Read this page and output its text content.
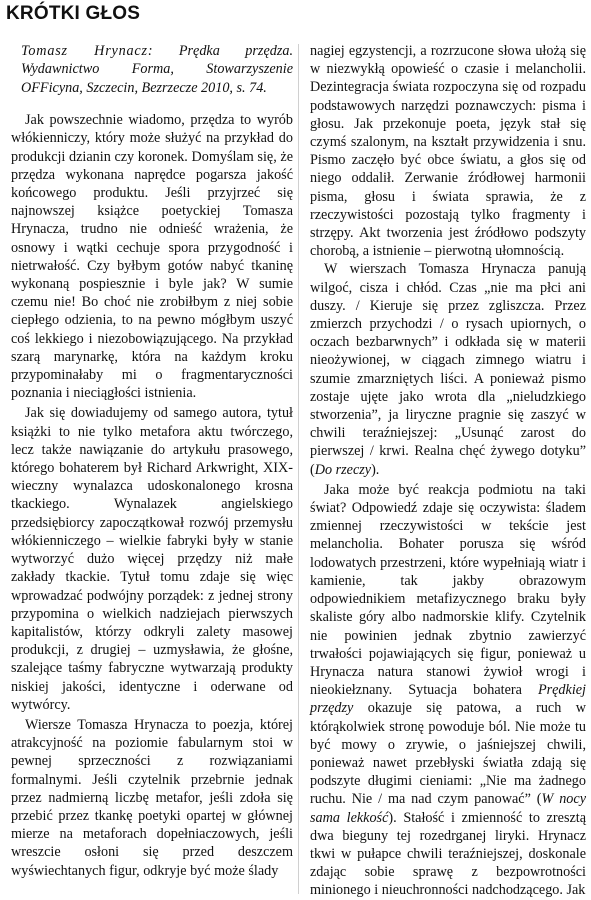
KRÓTKI GŁOS

Tomasz Hrynacz: Prędka przędza. Wydawnictwo Forma, Stowarzyszenie OFFicyna, Szczecin, Bezrzecze 2010, s. 74.

Jak powszechnie wiadomo, przędza to wyrób włókienniczy, który może służyć na przykład do produkcji dzianin czy koronek. Domyślam się, że przędza wykonana naprędce pogarsza jakość końcowego produktu. Jeśli przyjrzeć się najnowszej książce poetyckiej Tomasza Hrynacza, trudno nie odnieść wrażenia, że osnowy i wątki cechuje spora przygodność i nietrwałość. Czy byłbym gotów nabyć tkaninę wykonaną pospiesznie i byle jak? W sumie czemu nie! Bo choć nie zrobiłbym z niej sobie ciepłego odzienia, to na pewno mógłbym uszyć coś lekkiego i niezobowiązującego. Na przykład szarą marynarkę, która na każdym kroku przypominałaby mi o fragmentaryczności poznania i nieciągłości istnienia.

Jak się dowiadujemy od samego autora, tytuł książki to nie tylko metafora aktu twórczego, lecz także nawiązanie do artykułu prasowego, którego bohaterem był Richard Arkwright, XIX-wieczny wynalazca udoskonalonego krosna tkackiego. Wynalazek angielskiego przedsiębiorcy zapoczątkował rozwój przemysłu włókienniczego – wielkie fabryki były w stanie wytworzyć dużo więcej przędzy niż małe zakłady tkackie. Tytuł tomu zdaje się więc wprowadzać podwójny porządek: z jednej strony przypomina o wielkich nadziejach pierwszych kapitalistów, którzy odkryli zalety masowej produkcji, z drugiej – uzmysławia, że głośne, szalejące taśmy fabryczne wytwarzają produkty niskiej jakości, identyczne i oderwane od wytwórcy.

Wiersze Tomasza Hrynacza to poezja, której atrakcyjność na poziomie fabularnym stoi w pewnej sprzeczności z rozwiązaniami formalnymi. Jeśli czytelnik przebrnie jednak przez nadmierną liczbę metafor, jeśli zdoła się przebić przez tkankę poetyki opartej w głównej mierze na metaforach dopełniaczowych, jeśli wreszcie osłoni się przed deszczem wyświechtanych figur, odkryje być może ślady

nagiej egzystencji, a rozrzucone słowa ułożą się w niezwykłą opowieść o czasie i melancholii. Dezintegracja świata rozpoczyna się od rozpadu podstawowych narzędzi poznawczych: pisma i głosu. Jak przekonuje poeta, język stał się czymś szalonym, na kształt przywidzenia i snu. Pismo zaczęło być obce światu, a głos się od niego oddalił. Zerwanie źródłowej harmonii pisma, głosu i świata sprawia, że z rzeczywistości pozostają tylko fragmenty i strzępy. Akt tworzenia jest źródłowo podszyty chorobą, a istnienie – pierwotną ułomnością.

W wierszach Tomasza Hrynacza panują wilgoć, cisza i chłód. Czas „nie ma płci ani duszy. / Kieruje się przez zgliszcza. Przez zmierzch przychodzi / o rysach upiornych, o oczach bezbarwnych” i odkłada się w materii nieożywionej, w ciągach zimnego wiatru i szumie zmarzniętych liści. A ponieważ pismo zostaje ujęte jako wrota dla „nieludzkiego stworzenia”, ja liryczne pragnie się zaszyć w chwili teraźniejszej: „Usunąć zarost do pierwszej / krwi. Realna chęć żywego dotyku” (Do rzeczy).

Jaka może być reakcja podmiotu na taki świat? Odpowiedź zdaje się oczywista: śladem zmiennej rzeczywistości w tekście jest melancholia. Bohater porusza się wśród lodowatych przestrzeni, które wypełniają wiatr i kamienie, tak jakby obrazowym odpowiednikiem metafizycznego braku były skaliste góry albo nadmorskie klify. Czytelnik nie powinien jednak zbytnio zawierzyć trwałości pojawiających się figur, ponieważ u Hrynacza natura stanowi żywioł wrogi i nieokiełznany. Sytuacja bohatera Prędkiej przędzy okazuje się patowa, a ruch w którąkolwiek stronę powoduje ból. Nie może tu być mowy o zrywie, o jaśniejszej chwili, ponieważ nawet przebłyski światła zdają się podszyte długimi cieniami: „Nie ma żadnego ruchu. Nie / ma nad czym panować” (W nocy sama lekkość). Stałość i zmienność to zresztą dwa bieguny tej rozedrganej liryki. Hrynacz tkwi w pułapce chwili teraźniejszej, doskonale zdając sobie sprawę z bezpowrotności minionego i nieuchronności nadchodzącego. Jak
